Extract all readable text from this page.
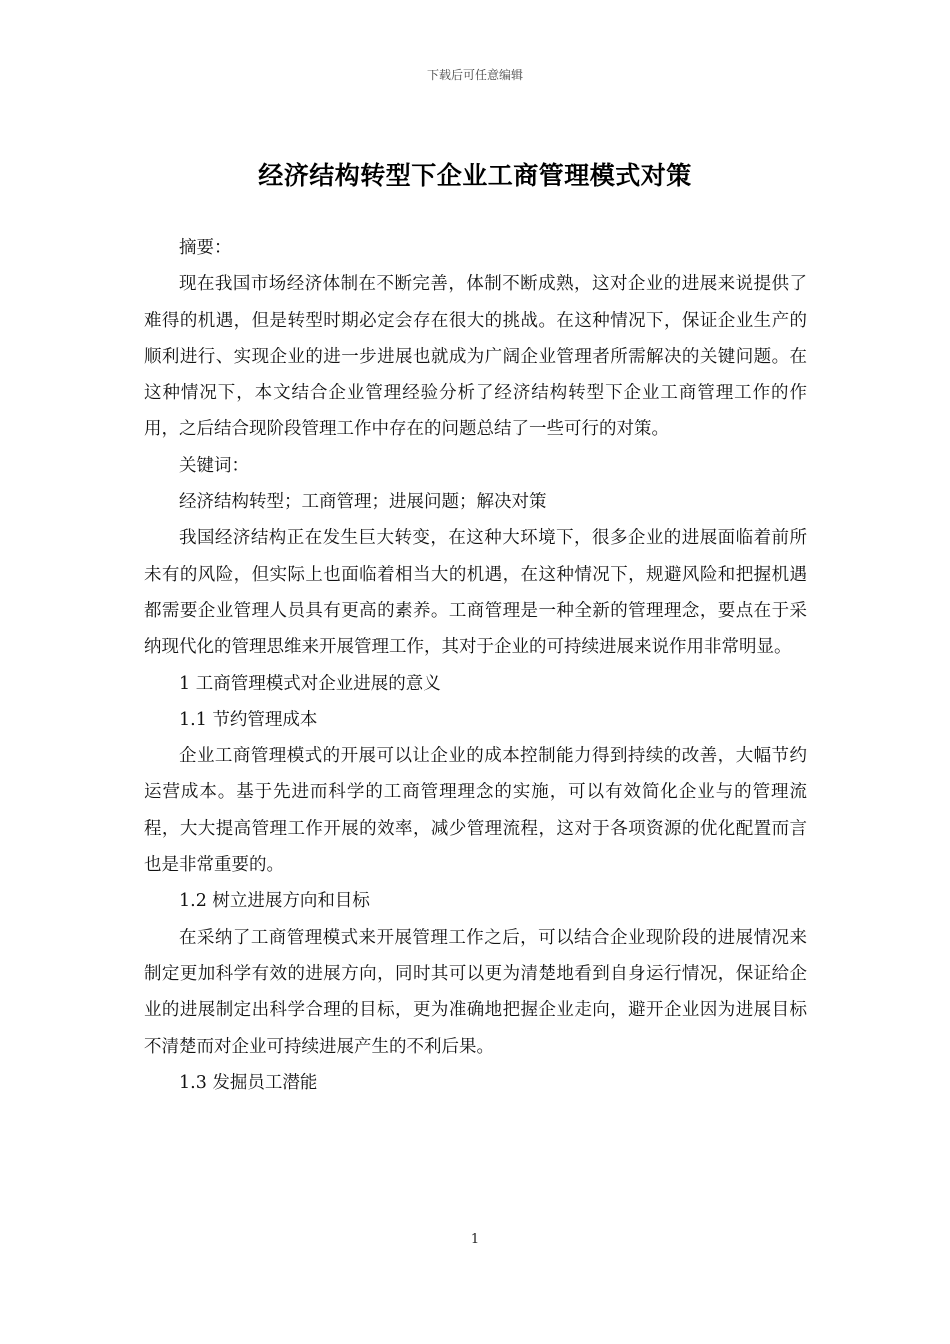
下载后可任意编辑
经济结构转型下企业工商管理模式对策

摘要：

现在我国市场经济体制在不断完善，体制不断成熟，这对企业的进展来说提供了难得的机遇，但是转型时期必定会存在很大的挑战。在这种情况下，保证企业生产的顺利进行、实现企业的进一步进展也就成为广阔企业管理者所需解决的关键问题。在这种情况下，本文结合企业管理经验分析了经济结构转型下企业工商管理工作的作用，之后结合现阶段管理工作中存在的问题总结了一些可行的对策。

关键词：

经济结构转型；工商管理；进展问题；解决对策

我国经济结构正在发生巨大转变，在这种大环境下，很多企业的进展面临着前所未有的风险，但实际上也面临着相当大的机遇，在这种情况下，规避风险和把握机遇都需要企业管理人员具有更高的素养。工商管理是一种全新的管理理念，要点在于采纳现代化的管理思维来开展管理工作，其对于企业的可持续进展来说作用非常明显。

1 工商管理模式对企业进展的意义

1.1 节约管理成本

企业工商管理模式的开展可以让企业的成本控制能力得到持续的改善，大幅节约运营成本。基于先进而科学的工商管理理念的实施，可以有效简化企业与的管理流程，大大提高管理工作开展的效率，减少管理流程，这对于各项资源的优化配置而言也是非常重要的。

1.2 树立进展方向和目标

在采纳了工商管理模式来开展管理工作之后，可以结合企业现阶段的进展情况来制定更加科学有效的进展方向，同时其可以更为清楚地看到自身运行情况，保证给企业的进展制定出科学合理的目标，更为准确地把握企业走向，避开企业因为进展目标不清楚而对企业可持续进展产生的不利后果。

1.3 发掘员工潜能

1
